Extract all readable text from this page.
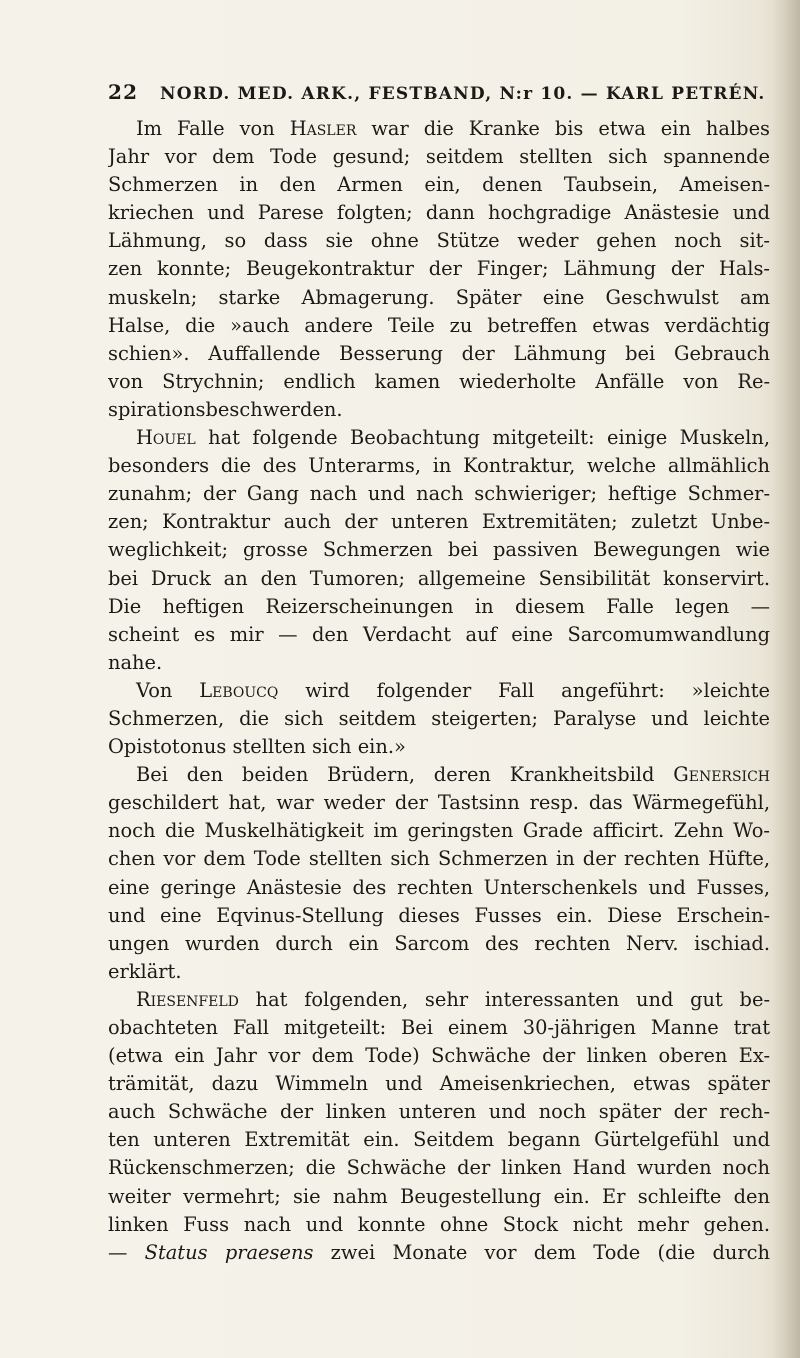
22 NORD. MED. ARK., FESTBAND, N:r 10. — KARL PETRÉN.
Im Falle von Hasler war die Kranke bis etwa ein halbes
Jahr vor dem Tode gesund; seitdem stellten sich spannende
Schmerzen in den Armen ein, denen Taubsein, Ameisen-
kriechen und Parese folgten; dann hochgradige Anästesie und
Lähmung, so dass sie ohne Stütze weder gehen noch sit-
zen konnte; Beugekontraktur der Finger; Lähmung der Hals-
muskeln; starke Abmagerung. Später eine Geschwulst am
Halse, die »auch andere Teile zu betreffen etwas verdächtig
schien». Auffallende Besserung der Lähmung bei Gebrauch
von Strychnin; endlich kamen wiederholte Anfälle von Re-
spirationsbeschwerden.
Houel hat folgende Beobachtung mitgeteilt: einige Muskeln,
besonders die des Unterarms, in Kontraktur, welche allmählich
zunahm; der Gang nach und nach schwieriger; heftige Schmer-
zen; Kontraktur auch der unteren Extremitäten; zuletzt Unbe-
weglichkeit; grosse Schmerzen bei passiven Bewegungen wie
bei Druck an den Tumoren; allgemeine Sensibilität konservirt.
Die heftigen Reizerscheinungen in diesem Falle legen —
scheint es mir — den Verdacht auf eine Sarcomumwandlung
nahe.
Von Leboucq wird folgender Fall angeführt: »leichte
Schmerzen, die sich seitdem steigerten; Paralyse und leichte
Opistotonus stellten sich ein.»
Bei den beiden Brüdern, deren Krankheitsbild Genersich
geschildert hat, war weder der Tastsinn resp. das Wärmegefühl,
noch die Muskelhätigkeit im geringsten Grade afficirt. Zehn Wo-
chen vor dem Tode stellten sich Schmerzen in der rechten Hüfte,
eine geringe Anästesie des rechten Unterschenkels und Fusses,
und eine Eqvinus-Stellung dieses Fusses ein. Diese Erschein-
ungen wurden durch ein Sarcom des rechten Nerv. ischiad.
erklärt.
Riesenfeld hat folgenden, sehr interessanten und gut be-
obachteten Fall mitgeteilt: Bei einem 30-jährigen Manne trat
(etwa ein Jahr vor dem Tode) Schwäche der linken oberen Ex-
trämität, dazu Wimmeln und Ameisenkriechen, etwas später
auch Schwäche der linken unteren und noch später der rech-
ten unteren Extremität ein. Seitdem begann Gürtelgefühl und
Rückenschmerzen; die Schwäche der linken Hand wurden noch
weiter vermehrt; sie nahm Beugestellung ein. Er schleifte den
linken Fuss nach und konnte ohne Stock nicht mehr gehen.
— Status praesens zwei Monate vor dem Tode (die durch
